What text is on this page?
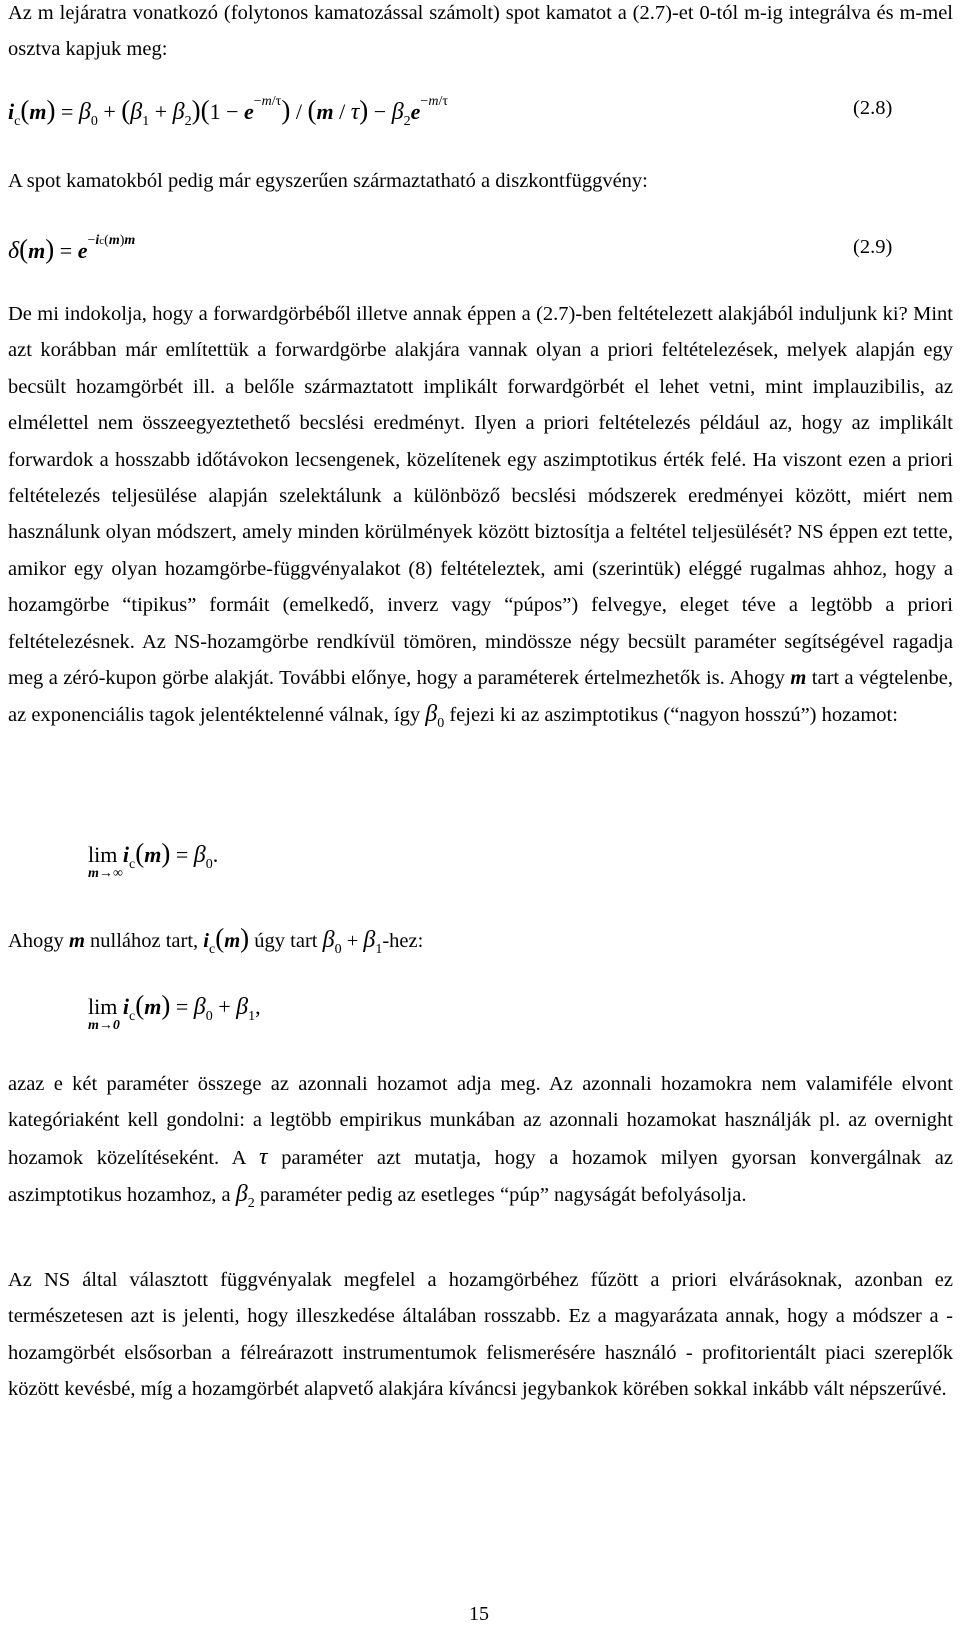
Az m lejáratra vonatkozó (folytonos kamatozással számolt) spot kamatot a (2.7)-et 0-tól m-ig integrálva és m-mel osztva kapjuk meg:

$i_c(m) = \beta_0 + (\beta_1 + \beta_2)(1 - e^{-m/\tau}) / (m / \tau) - \beta_2e^{-m/\tau}$	(2.8)

A spot kamatokból pedig már egyszerűen származtatható a diszkontfüggvény:

$\delta(m) = e^{-ic(m)m}$	(2.9)

De mi indokolja, hogy a forwardgörbéből illetve annak éppen a (2.7)-ben feltételezett alakjából induljunk ki? Mint azt korábban már említettük a forwardgörbe alakjára vannak olyan a priori feltételezések, melyek alapján egy becsült hozamgörbét ill. a belőle származtatott implikált forwardgörbét el lehet vetni, mint implauzibilis, az elmélettel nem összeegyeztethető becslési eredményt. Ilyen a priori feltételezés például az, hogy az implikált forwardok a hosszabb időtávokon lecsengenek, közelítenek egy aszimptotikus érték felé. Ha viszont ezen a priori feltételezés teljesülése alapján szelektálunk a különböző becslési módszerek eredményei között, miért nem használunk olyan módszert, amely minden körülmények között biztosítja a feltétel teljesülését? NS éppen ezt tette, amikor egy olyan hozamgörbe-függvényalakot (8) feltételeztek, ami (szerintük) eléggé rugalmas ahhoz, hogy a hozamgörbe “tipikus” formáit (emelkedő, inverz vagy “púpos”) felvegye, eleget téve a legtöbb a priori feltételezésnek. Az NS-hozamgörbe rendkívül tömören, mindössze négy becsült paraméter segítségével ragadja meg a zéró-kupon görbe alakját. További előnye, hogy a paraméterek értelmezhetők is. Ahogy m tart a végtelenbe, az exponenciális tagok jelentéktelenné válnak, így $\beta_0$ fejezi ki az aszimptotikus (“nagyon hosszú”) hozamot:

$\lim i_c(m) = \beta_0$.
m→∞
Ahogy m nullához tart, $i_c(m)$ úgy tart $\beta_0 + \beta_1-hez$:
$\lim i_c(m) = \beta_0 + \beta_1$,
m→0

azaz e két paraméter összege az azonnali hozamot adja meg. Az azonnali hozamokra nem valamiféle elvont kategóriaként kell gondolni: a legtöbb empirikus munkában az azonnali hozamokat használják pl. az overnight hozamok közelítéseként. A τ paraméter azt mutatja, hogy a hozamok milyen gyorsan konvergálnak az aszimptotikus hozamhoz, a $\beta_2$ paraméter pedig az esetleges “púp” nagyságát befolyásolja.

Az NS által választott függvényalak megfelel a hozamgörbéhez fűzött a priori elvárásoknak, azonban ez természetesen azt is jelenti, hogy illeszkedése általában rosszabb. Ez a magyarázata annak, hogy a módszer a - hozamgörbét elsősorban a félreárazott instrumentumok felismerésére használó - profitorientált piaci szereplők között kevésbé, míg a hozamgörbét alapvető alakjára kíváncsi jegybankok körében sokkal inkább vált népszerűvé.

15
